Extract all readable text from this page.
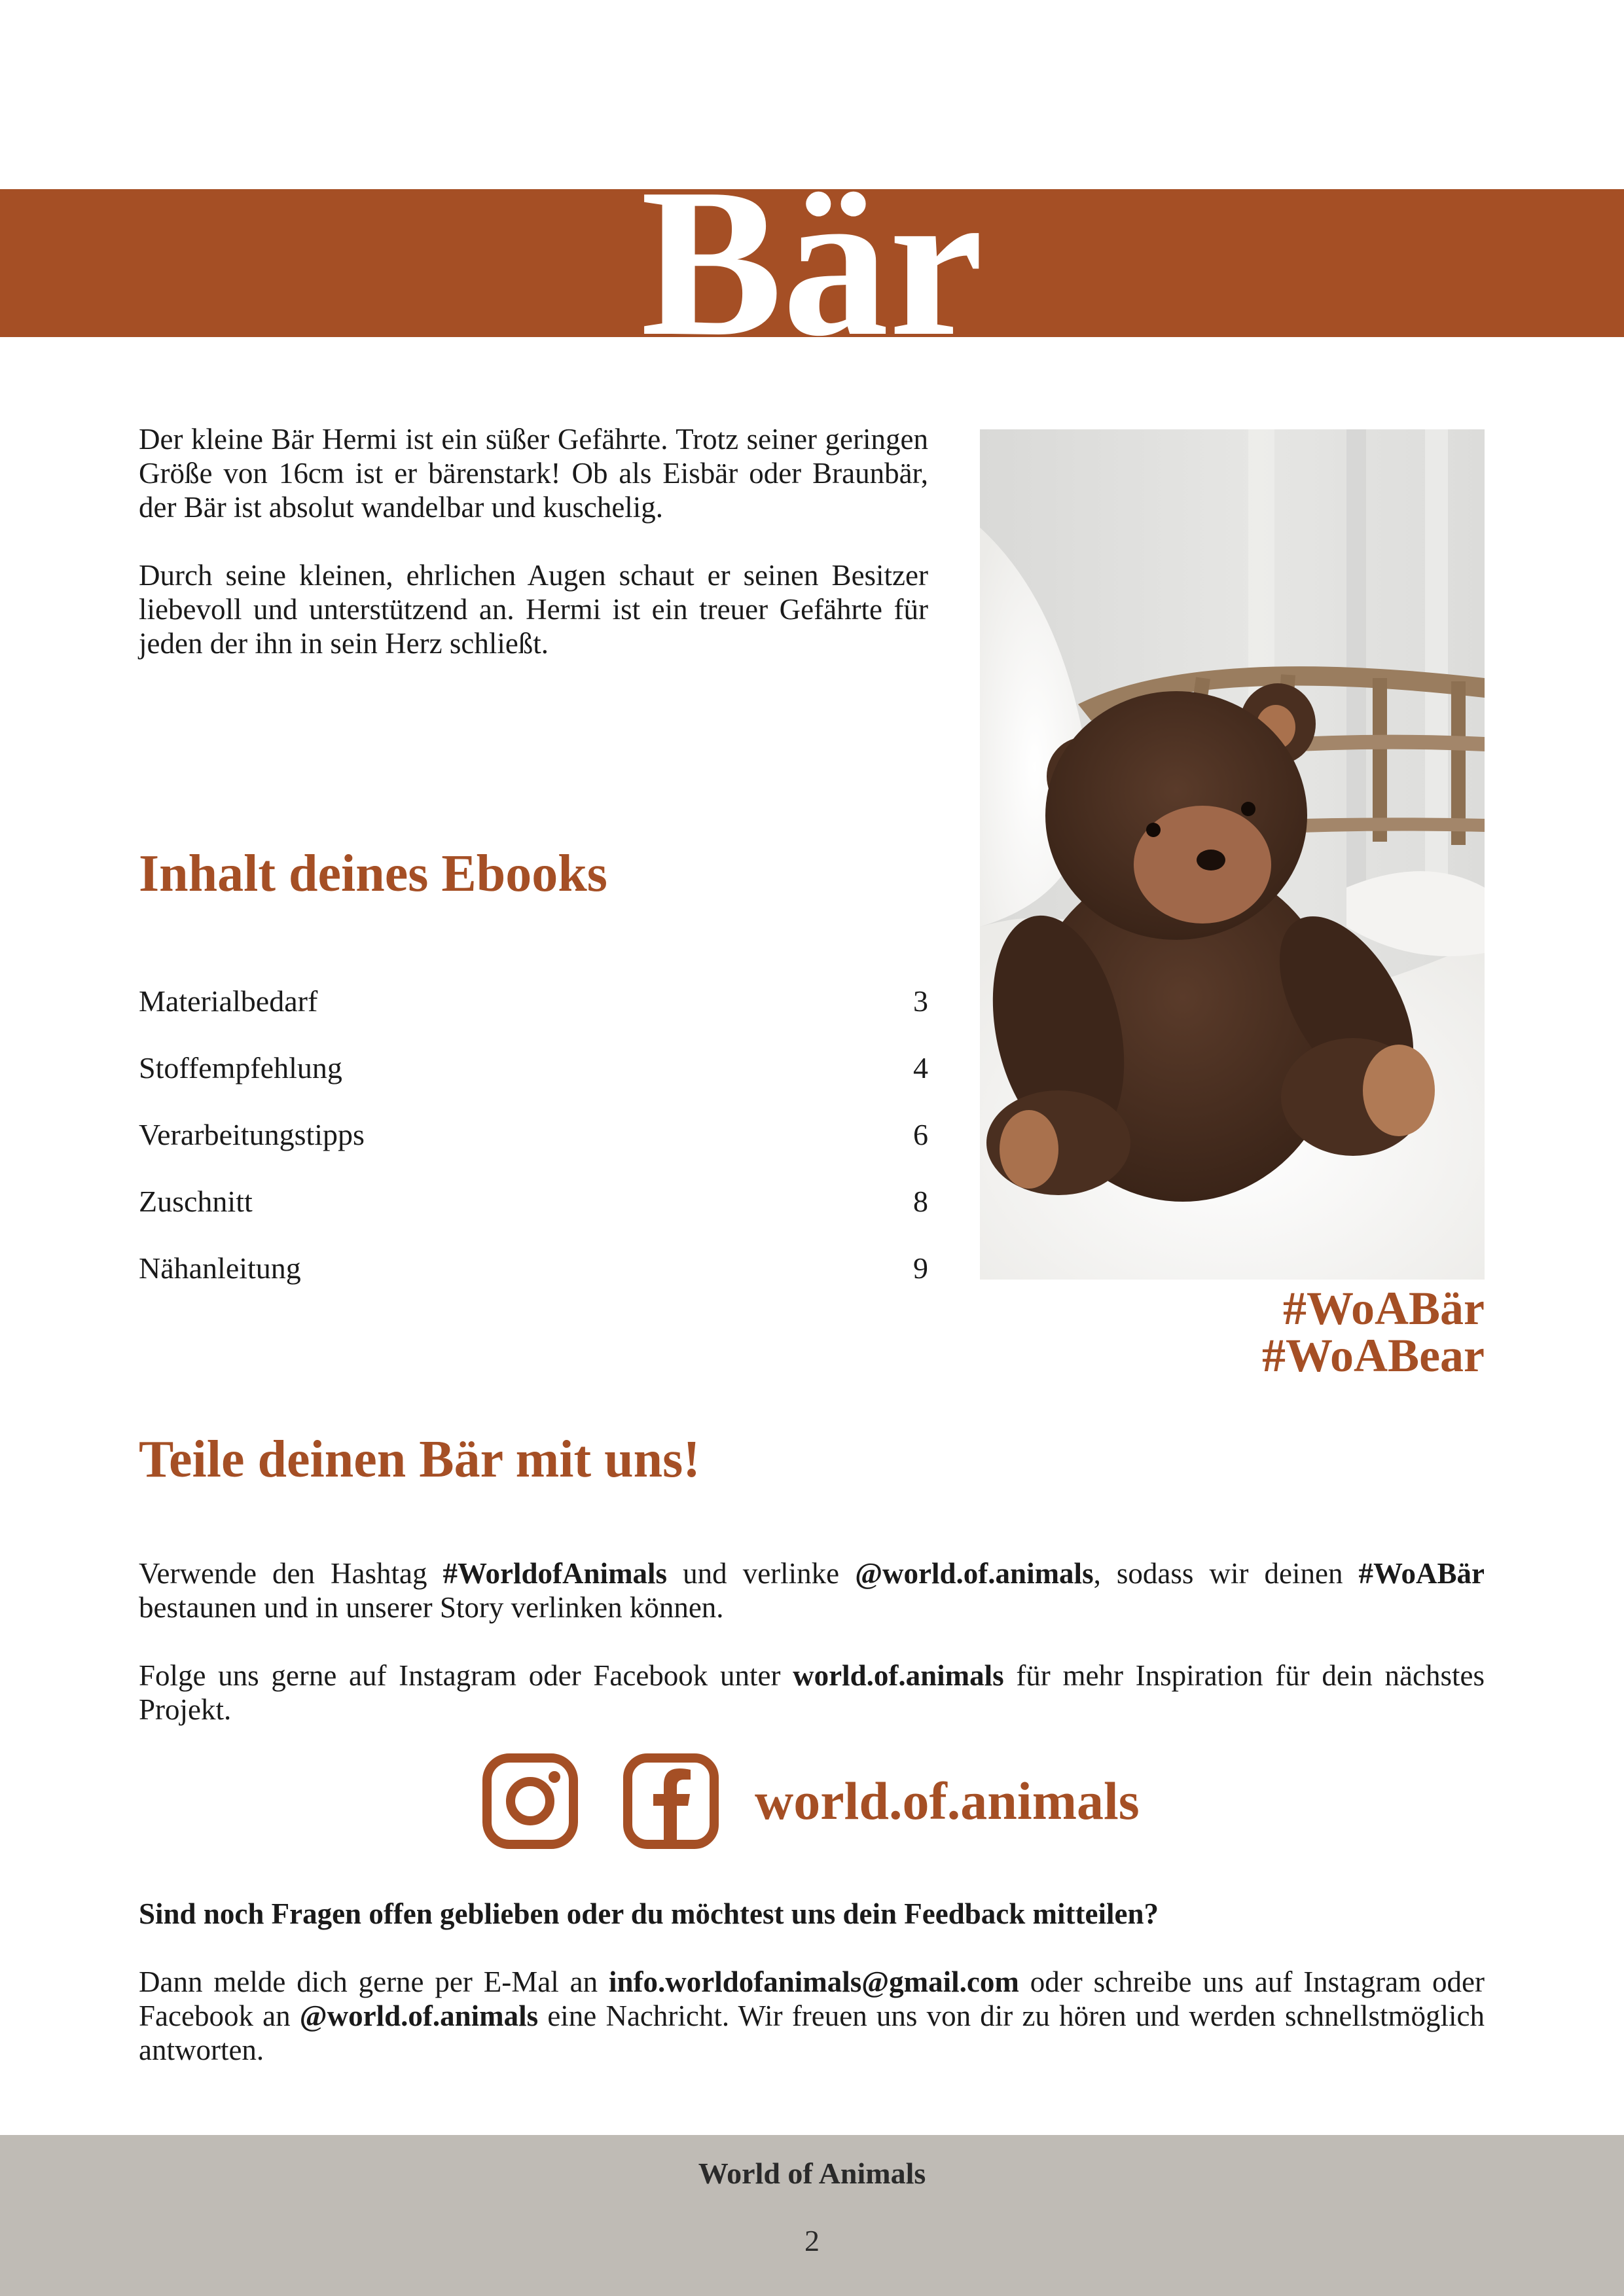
Bär

Der kleine Bär Hermi ist ein süßer Gefährte. Trotz seiner geringen Größe von 16cm ist er bärenstark! Ob als Eisbär oder Braunbär, der Bär ist absolut wandelbar und kuschelig.

Durch seine kleinen, ehrlichen Augen schaut er seinen Besitzer liebevoll und unterstützend an. Hermi ist ein treuer Gefährte für jeden der ihn in sein Herz schließt.

Inhalt deines Ebooks
Materialbedarf	3
Stoffempfehlung	4
Verarbeitungstipps	6
Zuschnitt	8
Nähanleitung	9
#WoABär
#WoABear
Teile deinen Bär mit uns!

Verwende den Hashtag #WorldofAnimals und verlinke @world.of.animals, sodass wir deinen #WoABär bestaunen und in unserer Story verlinken können.

Folge uns gerne auf Instagram oder Facebook unter world.of.animals für mehr Inspiration für dein nächstes Projekt.

world.of.animals

Sind noch Fragen offen geblieben oder du möchtest uns dein Feedback mitteilen?

Dann melde dich gerne per E-Mal an info.worldofanimals@gmail.com oder schreibe uns auf Instagram oder Facebook an @world.of.animals eine Nachricht. Wir freuen uns von dir zu hören und werden schnellstmöglich antworten.

World of Animals
2
